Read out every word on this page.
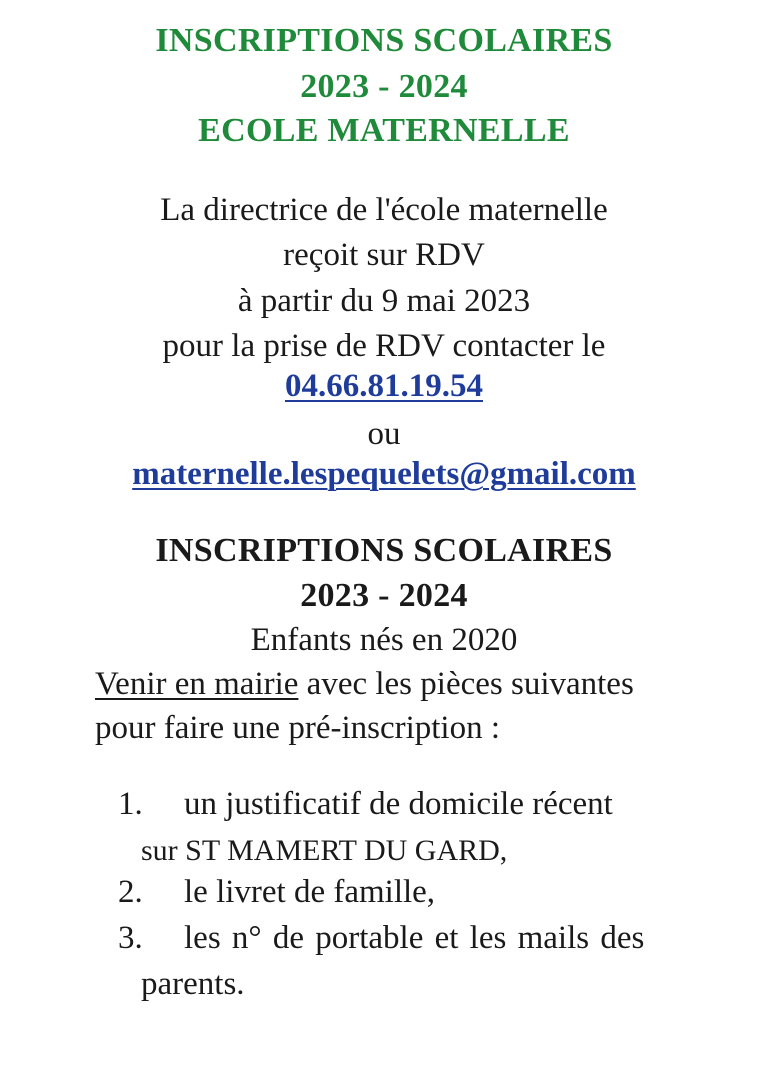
INSCRIPTIONS SCOLAIRES
2023 - 2024
ECOLE MATERNELLE
La directrice de l'école maternelle
reçoit sur RDV
à partir du 9 mai 2023
pour la prise de RDV contacter le
04.66.81.19.54
ou
maternelle.lespequelets@gmail.com
INSCRIPTIONS SCOLAIRES
2023 - 2024
Enfants nés en 2020
Venir en mairie avec les pièces suivantes
pour faire une pré-inscription :
1. un justificatif de domicile récent
sur ST MAMERT DU GARD,
2. le livret de famille,
3. les n° de portable et les mails des
parents.
